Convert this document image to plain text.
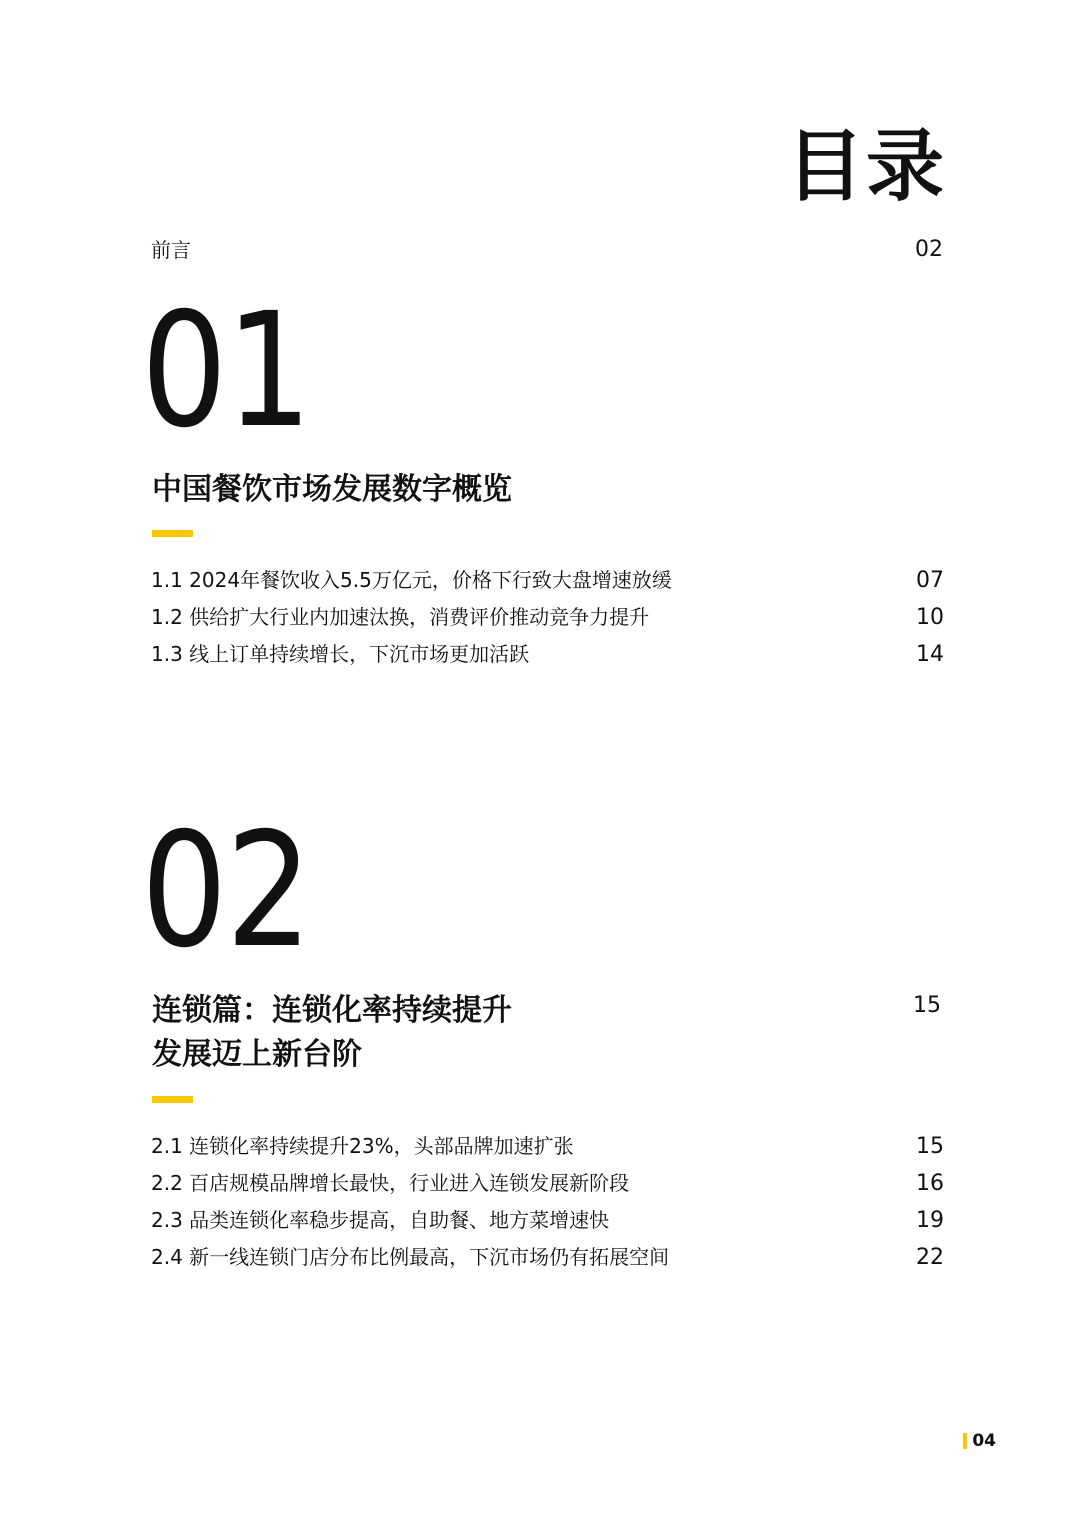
目录
前言	02
01
中国餐饮市场发展数字概览
1.1 2024年餐饮收入5.5万亿元，价格下行致大盘增速放缓	07
1.2 供给扩大行业内加速汰换，消费评价推动竞争力提升	10
1.3 线上订单持续增长，下沉市场更加活跃	14
02
连锁篇：连锁化率持续提升
发展迈上新台阶
15
2.1 连锁化率持续提升23%，头部品牌加速扩张	15
2.2 百店规模品牌增长最快，行业进入连锁发展新阶段	16
2.3 品类连锁化率稳步提高，自助餐、地方菜增速快	19
2.4 新一线连锁门店分布比例最高，下沉市场仍有拓展空间	22
04
